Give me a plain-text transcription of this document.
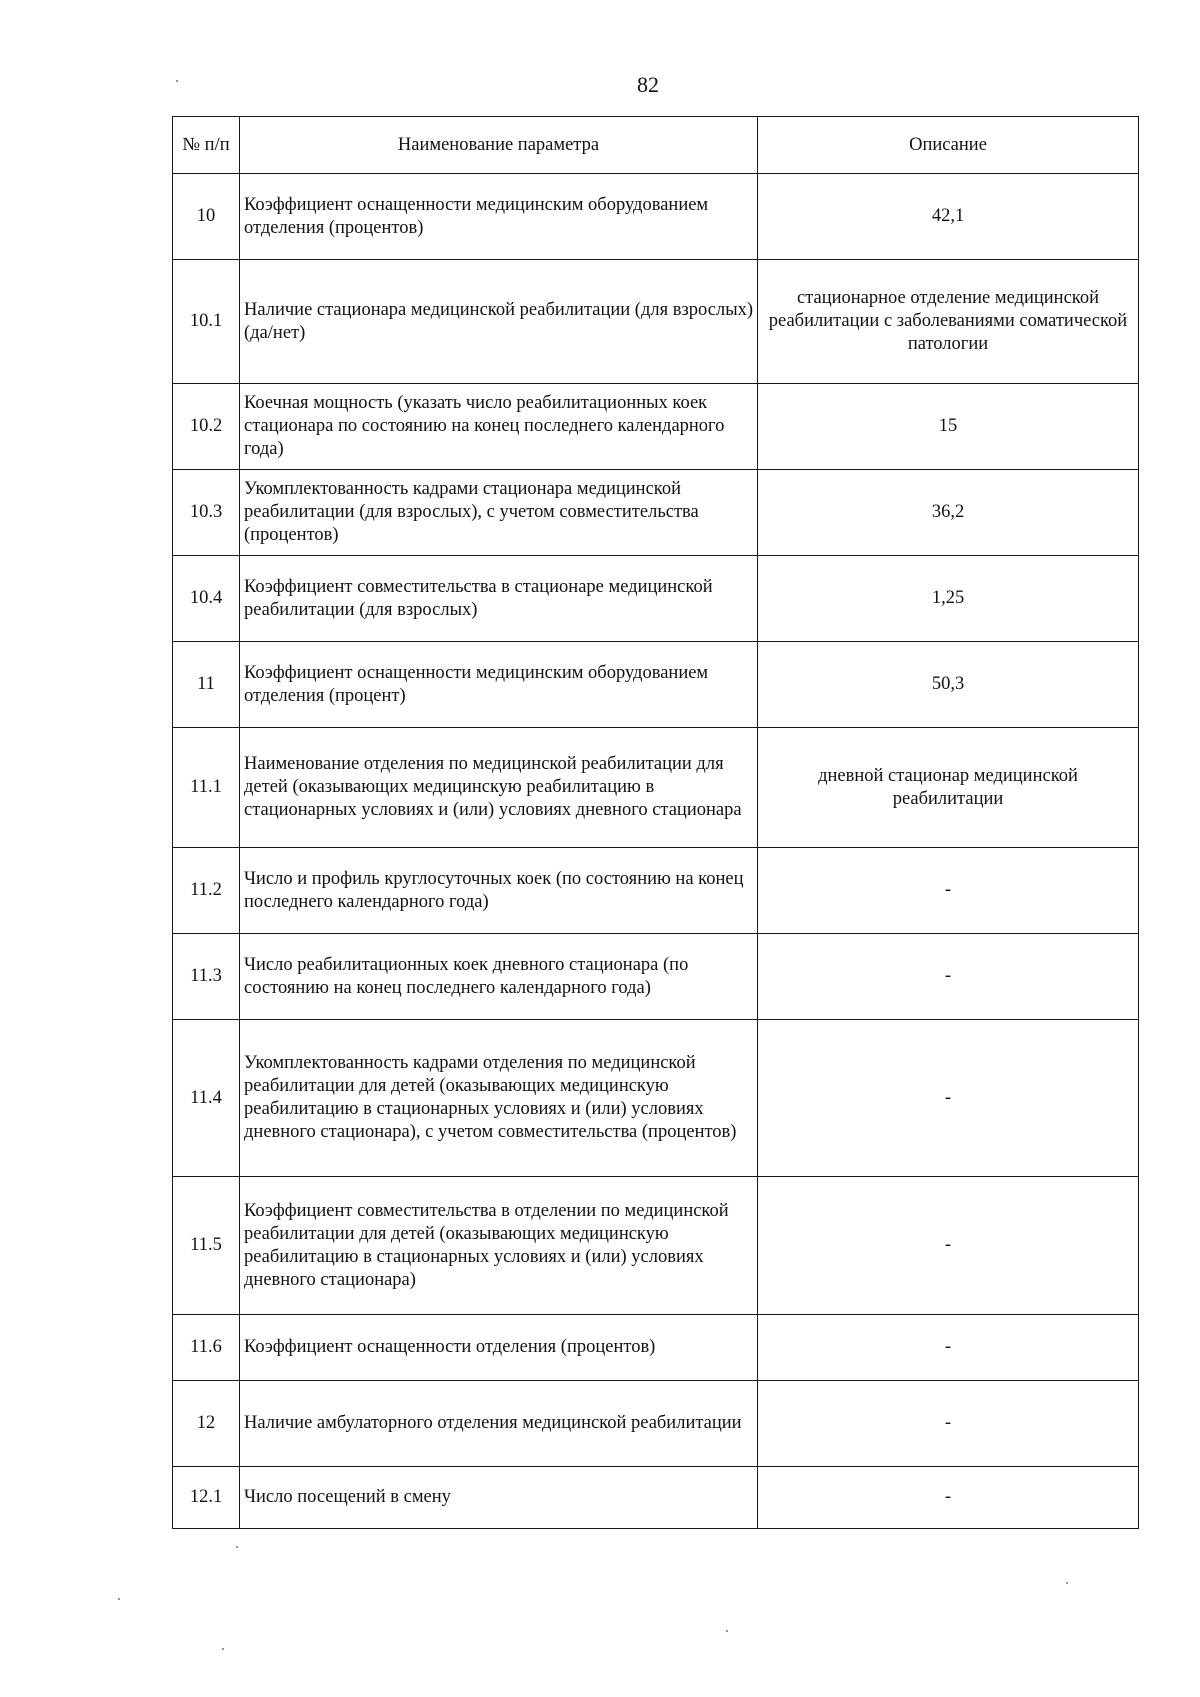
82
№ п/п	Наименование параметра	Описание
10	Коэффициент оснащенности медицинским оборудованием отделения (процентов)	42,1
10.1	Наличие стационара медицинской реабилитации (для взрослых) (да/нет)	стационарное отделение медицинской реабилитации с заболеваниями соматической патологии
10.2	Коечная мощность (указать число реабилитационных коек стационара по состоянию на конец последнего календарного года)	15
10.3	Укомплектованность кадрами стационара медицинской реабилитации (для взрослых), с учетом совместительства (процентов)	36,2
10.4	Коэффициент совместительства в стационаре медицинской реабилитации (для взрослых)	1,25
11	Коэффициент оснащенности медицинским оборудованием отделения (процент)	50,3
11.1	Наименование отделения по медицинской реабилитации для детей (оказывающих медицинскую реабилитацию в стационарных условиях и (или) условиях дневного стационара	дневной стационар медицинской реабилитации
11.2	Число и профиль круглосуточных коек (по состоянию на конец последнего календарного года)	-
11.3	Число реабилитационных коек дневного стационара (по состоянию на конец последнего календарного года)	-
11.4	Укомплектованность кадрами отделения по медицинской реабилитации для детей (оказывающих медицинскую реабилитацию в стационарных условиях и (или) условиях дневного стационара), с учетом совместительства (процентов)	-
11.5	Коэффициент совместительства в отделении по медицинской реабилитации для детей (оказывающих медицинскую реабилитацию в стационарных условиях и (или) условиях дневного стационара)	-
11.6	Коэффициент оснащенности отделения (процентов)	-
12	Наличие амбулаторного отделения медицинской реабилитации	-
12.1	Число посещений в смену	-
